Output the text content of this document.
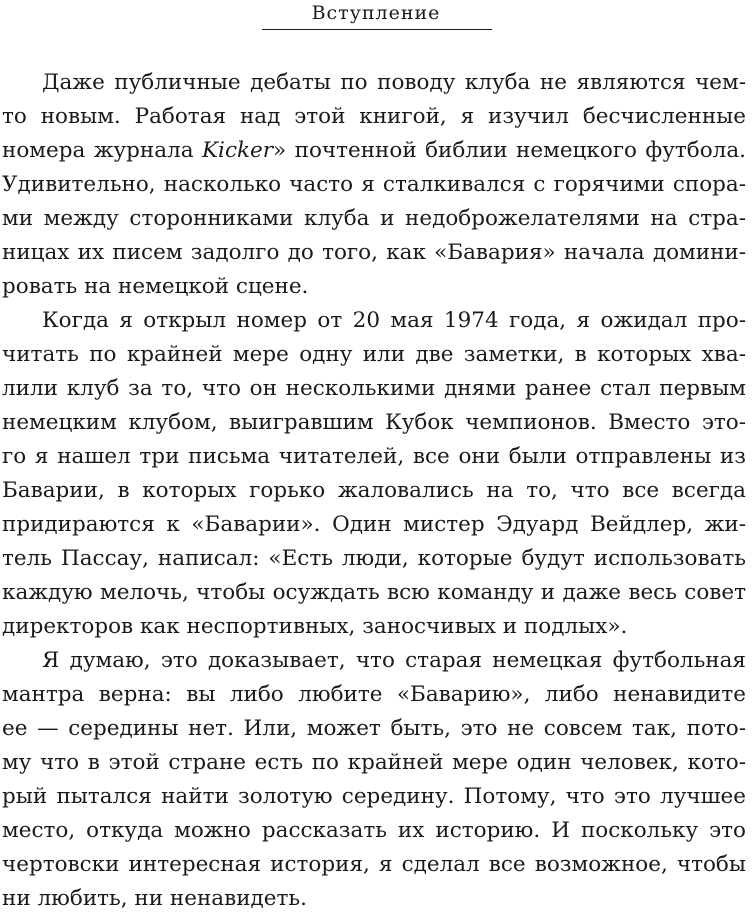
Вступление

Даже публичные дебаты по поводу клуба не являются чем-
то новым. Работая над этой книгой, я изучил бесчисленные
номера журнала Kicker» почтенной библии немецкого футбола.
Удивительно, насколько часто я сталкивался с горячими спора-
ми между сторонниками клуба и недоброжелателями на стра-
ницах их писем задолго до того, как «Бавария» начала домини-
ровать на немецкой сцене.

Когда я открыл номер от 20 мая 1974 года, я ожидал про-
читать по крайней мере одну или две заметки, в которых хва-
лили клуб за то, что он несколькими днями ранее стал первым
немецким клубом, выигравшим Кубок чемпионов. Вместо это-
го я нашел три письма читателей, все они были отправлены из
Баварии, в которых горько жаловались на то, что все всегда
придираются к «Баварии». Один мистер Эдуард Вейдлер, жи-
тель Пассау, написал: «Есть люди, которые будут использовать
каждую мелочь, чтобы осуждать всю команду и даже весь совет
директоров как неспортивных, заносчивых и подлых».

Я думаю, это доказывает, что старая немецкая футбольная
мантра верна: вы либо любите «Баварию», либо ненавидите
ее — середины нет. Или, может быть, это не совсем так, пото-
му что в этой стране есть по крайней мере один человек, кото-
рый пытался найти золотую середину. Потому, что это лучшее
место, откуда можно рассказать их историю. И поскольку это
чертовски интересная история, я сделал все возможное, чтобы
ни любить, ни ненавидеть.
